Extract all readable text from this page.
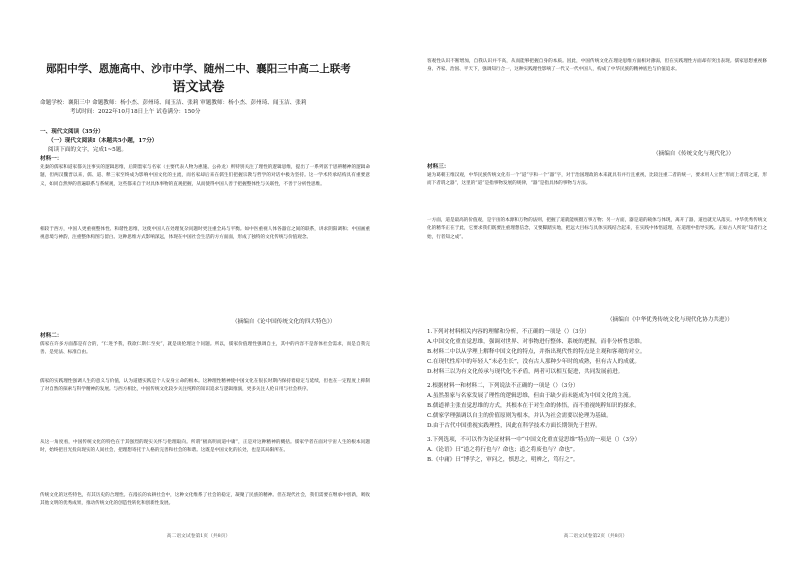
郧阳中学、恩施高中、沙市中学、随州二中、襄阳三中高二上联考

语文试卷

命题学校：襄阳三中 命题教师：杨小杰、彭州琦、闻玉洁、张莉 审题教师：杨小杰、彭州琦、闻玉洁、张莉

考试时间：2022年10月18日上午 试卷满分：150分

一、现代文阅读（35分）

（一）现代文阅读Ⅰ（本题共5小题，17分）

阅读下面的文字，完成1~5题。

材料一：

先秦的儒家和道家都关注事实的逻辑思维，后期墨家与名家（主要代表人物为惠施、公孙龙）则特别关注了理性的逻辑思维，提出了一系列富于思辨精神的逻辑命题，但两汉魏晋以来，儒、道、释三家至终成为影响中国文化的主流，而名家却后来在儒生们把握宗教与哲学的对话中极为坚持。这一学术传承结构具有重要意义，如同自然界的普遍联系与系统观，这些都来自于对具体事物的直观把握，从而使得中国人善于把握整体性与关联性，不善于分析性思维。

相较于西方，中国人更重视整体性、和谐性思维，这使中国人在处理复杂问题时更注重全局与平衡。如中医重视人体各器官之间的联系，讲求阴阳调和；中国画重视意境与神韵，注重整体构图与留白。这种思维方式影响深远，体现在中国社会生活的方方面面，形成了独特的文化传统与价值观念。

（摘编自《论中国传统文化的四大特色》）

材料二：

儒家在许多方面都是有合的，“仁进予我，我欲仁斯仁至矣”，就是谈伦理这个问题。所以，儒家价值理性强调自主，其中的内容不是客体社会需求，而是自我完善、是宪法、标准自由。

儒家的实践理性强调人生的意义与价值，认为道德实践是个人安身立命的根本。这种理性精神使中国文化在很长时期内保持着稳定与延续，但也在一定程度上抑制了对自然的探索与科学精神的发展。与西方相比，中国传统文化较少关注纯粹的知识追求与逻辑推演，更多关注人伦日用与社会秩序。

从这一角度看，中国传统文化的特色在于其强烈的现实关怀与伦理取向。所谓“极高明而道中庸”，正是对这种精神的概括。儒家学者在面对宇宙人生的根本问题时，始终把目光投向现实的人间社会，把理想寄托于人格的完善和社会的和谐。这既是中国文化的长处，也是其局限所在。

传统文化的这些特色，有其历史的合理性。在漫长的农耕社会中，这种文化维系了社会的稳定，凝聚了民族的精神。但在现代社会，我们需要在继承中创新，吸收其他文明的优秀成果，推动传统文化的创造性转化和创新性发展。

高二语文试卷第1页（共8页）

客观性认识不断增加，自我认识并不高，从而能够把握自身的本质。因此，中国传统文化在理论思维方面相对薄弱，但在实践理性方面却有突出表现。儒家思想重视修身、齐家、治国、平天下，强调知行合一，这种实践理性影响了一代又一代中国人，构成了中华民族的精神底色与价值追求。

（摘编自《传统文化与现代化》）

材料三：

通为葛朝王维汉观，中华民族传统文化有一个“道”字和一个“器”字，对于治国理政的本来就具有并行且重视，比较注重二者的统一，要求用人立世“形而上者谓之道，形而下者谓之器”，这里的“道”是指事物发展的规律，“器”是指具体的事物与方法。

一方面，道是最高的价值观，是宇宙的本源和万物的法则，把握了道就能统摄万事万物；另一方面，器是道的载体与体现，离开了器，道也就无从落实。中华优秀传统文化的精华正在于此，它要求我们既要注重理想信念，又要脚踏实地，把远大目标与具体实践结合起来，在实践中体悟道理，在道理中指导实践。正如古人所说“知者行之始，行者知之成”。

（摘编自《中华优秀传统文化与现代化协力共进》）

1.下列对材料相关内容的理解和分析，不正确的一项是（）（3分）

A.中国文化重直觉思维，强调对世界、对事物进行整体、系统的把握，而非分析性思维。

B.材料二中以从学理上解释中国文化的特点，并指出现代性的特点是主观和客观的对立。

C.在现代性库中的年轻人“未必生长”，没有古人那种少年时的成熟，但有古人的成就。

D.材料三以为有文化传承与现代化不矛盾，两者可以相互促进，共同发展前进。

2.根据材料一和材料二，下列说法不正确的一项是（）（3分）

A.虽然墨家与名家发展了理性的逻辑思维，但由于缺少而未能成为中国文化的主流。

B.儒道禅主张直觉思维的方式，其根本在于对生命的体悟，而不重视纯粹知识的探求。

C.儒家学理强调以自主的价值原则为根本，并认为社会需要以伦理为基础。

D.由于古代中国重视实践理性，因此在科学技术方面长期领先于世界。

3.下列选项，不可以作为论证材料一中“中国文化重直觉思维”特点的一项是（）（3分）

A.《论语》曰“道之将行也与？命也；道之将废也与？命也”。

B.《中庸》曰“博学之，审问之，慎思之，明辨之，笃行之”。

高二语文试卷第2页（共8页）
